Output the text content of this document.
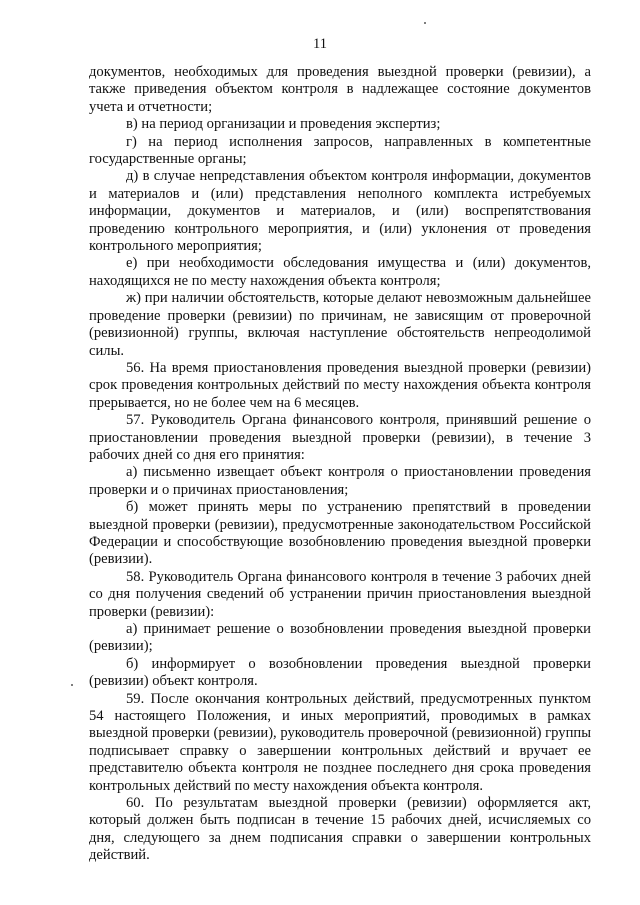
11

документов, необходимых для проведения выездной проверки (ревизии), а также приведения объектом контроля в надлежащее состояние документов учета и отчетности;

в) на период организации и проведения экспертиз;

г) на период исполнения запросов, направленных в компетентные государственные органы;

д) в случае непредставления объектом контроля информации, документов и материалов и (или) представления неполного комплекта истребуемых информации, документов и материалов, и (или) воспрепятствования проведению контрольного мероприятия, и (или) уклонения от проведения контрольного мероприятия;

е) при необходимости обследования имущества и (или) документов, находящихся не по месту нахождения объекта контроля;

ж) при наличии обстоятельств, которые делают невозможным дальнейшее проведение проверки (ревизии) по причинам, не зависящим от проверочной (ревизионной) группы, включая наступление обстоятельств непреодолимой силы.

56. На время приостановления проведения выездной проверки (ревизии) срок проведения контрольных действий по месту нахождения объекта контроля прерывается, но не более чем на 6 месяцев.

57. Руководитель Органа финансового контроля, принявший решение о приостановлении проведения выездной проверки (ревизии), в течение 3 рабочих дней со дня его принятия:

а) письменно извещает объект контроля о приостановлении проведения проверки и о причинах приостановления;

б) может принять меры по устранению препятствий в проведении выездной проверки (ревизии), предусмотренные законодательством Российской Федерации и способствующие возобновлению проведения выездной проверки (ревизии).

58. Руководитель Органа финансового контроля в течение 3 рабочих дней со дня получения сведений об устранении причин приостановления выездной проверки (ревизии):

а) принимает решение о возобновлении проведения выездной проверки (ревизии);

б) информирует о возобновлении проведения выездной проверки (ревизии) объект контроля.

59. После окончания контрольных действий, предусмотренных пунктом 54 настоящего Положения, и иных мероприятий, проводимых в рамках выездной проверки (ревизии), руководитель проверочной (ревизионной) группы подписывает справку о завершении контрольных действий и вручает ее представителю объекта контроля не позднее последнего дня срока проведения контрольных действий по месту нахождения объекта контроля.

60. По результатам выездной проверки (ревизии) оформляется акт, который должен быть подписан в течение 15 рабочих дней, исчисляемых со дня, следующего за днем подписания справки о завершении контрольных действий.
